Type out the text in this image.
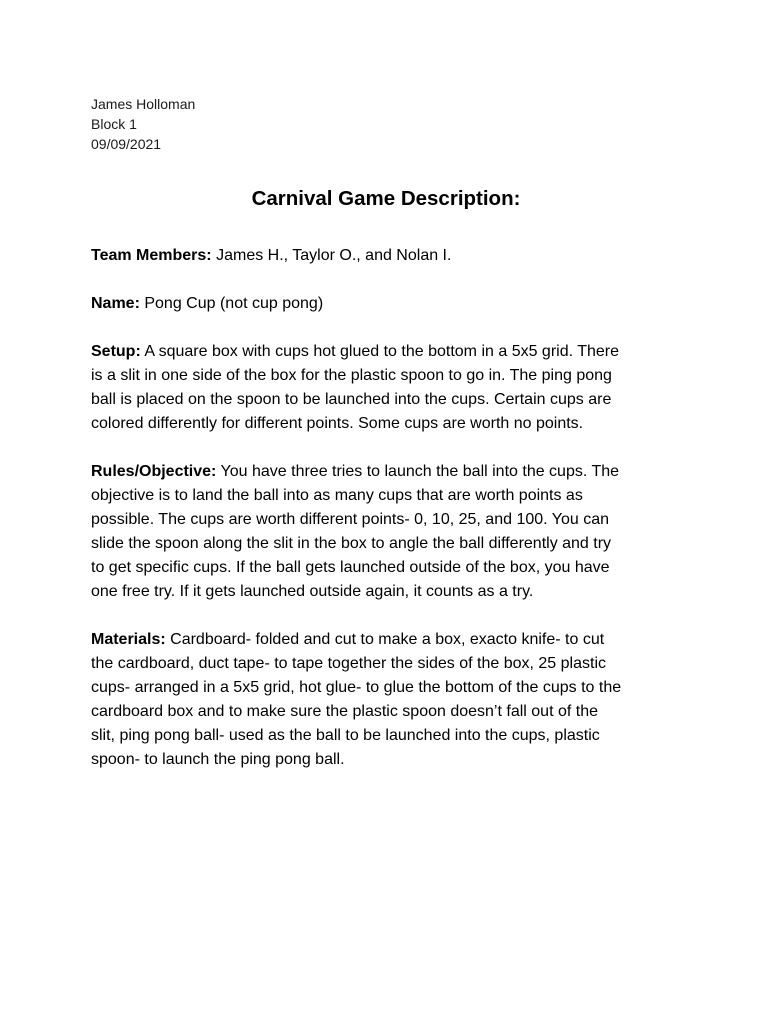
James Holloman

Block 1

09/09/2021

Carnival Game Description:

Team Members: James H., Taylor O., and Nolan I.

Name: Pong Cup (not cup pong)

Setup: A square box with cups hot glued to the bottom in a 5x5 grid. There
is a slit in one side of the box for the plastic spoon to go in. The ping pong
ball is placed on the spoon to be launched into the cups. Certain cups are
colored differently for different points. Some cups are worth no points.

Rules/Objective: You have three tries to launch the ball into the cups. The
objective is to land the ball into as many cups that are worth points as
possible. The cups are worth different points- 0, 10, 25, and 100. You can
slide the spoon along the slit in the box to angle the ball differently and try
to get specific cups. If the ball gets launched outside of the box, you have
one free try. If it gets launched outside again, it counts as a try.

Materials: Cardboard- folded and cut to make a box, exacto knife- to cut
the cardboard, duct tape- to tape together the sides of the box, 25 plastic
cups- arranged in a 5x5 grid, hot glue- to glue the bottom of the cups to the
cardboard box and to make sure the plastic spoon doesn’t fall out of the
slit, ping pong ball- used as the ball to be launched into the cups, plastic
spoon- to launch the ping pong ball.
